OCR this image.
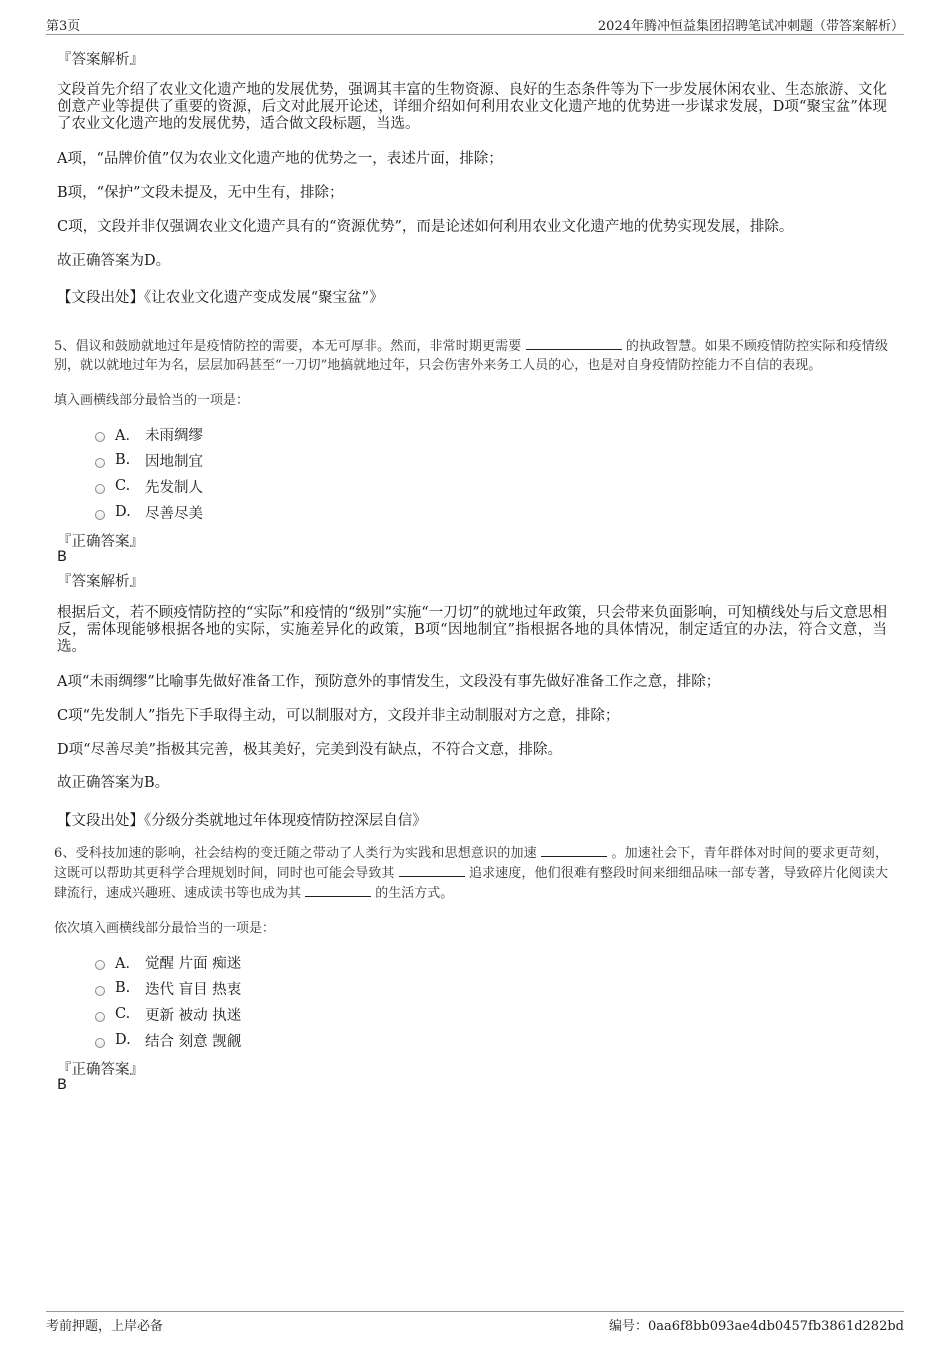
第3页	2024年腾冲恒益集团招聘笔试冲刺题（带答案解析）
『答案解析』
文段首先介绍了农业文化遗产地的发展优势，强调其丰富的生物资源、良好的生态条件等为下一步发展休闲农业、生态旅游、文化创意产业等提供了重要的资源，后文对此展开论述，详细介绍如何利用农业文化遗产地的优势进一步谋求发展，D项“聚宝盆”体现了农业文化遗产地的发展优势，适合做文段标题，当选。
A项，“品牌价值”仅为农业文化遗产地的优势之一，表述片面，排除；
B项，“保护”文段未提及，无中生有，排除；
C项，文段并非仅强调农业文化遗产具有的“资源优势”，而是论述如何利用农业文化遗产地的优势实现发展，排除。
故正确答案为D。
【文段出处】《让农业文化遗产变成发展“聚宝盆”》
5、倡议和鼓励就地过年是疫情防控的需要，本无可厚非。然而，非常时期更需要	的执政智慧。如果不顾疫情防控实际和疫情级别，就以就地过年为名，层层加码甚至“一刀切”地搞就地过年，只会伤害外来务工人员的心，也是对自身疫情防控能力不自信的表现。
填入画横线部分最恰当的一项是：
A． 未雨绸缪
B.	因地制宜
C.	先发制人
D. 尽善尽美
『正确答案』
B
『答案解析』
根据后文，若不顾疫情防控的“实际”和疫情的“级别”实施“一刀切”的就地过年政策，只会带来负面影响，可知横线处与后文意思相反，需体现能够根据各地的实际，实施差异化的政策，B项“因地制宜”指根据各地的具体情况，制定适宜的办法，符合文意，当选。
A项“未雨绸缪”比喻事先做好准备工作，预防意外的事情发生，文段没有事先做好准备工作之意，排除；
C项“先发制人”指先下手取得主动，可以制服对方，文段并非主动制服对方之意，排除；
D项“尽善尽美”指极其完善，极其美好，完美到没有缺点，不符合文意，排除。
故正确答案为B。
【文段出处】《分级分类就地过年体现疫情防控深层自信》
6、受科技加速的影响，社会结构的变迁随之带动了人类行为实践和思想意识的加速	。加速社会下，青年群体对时间的要求更苛刻，这既可以帮助其更科学合理规划时间，同时也可能会导致其	追求速度，他们很难有整段时间来细细品味一部专著，导致碎片化阅读大肆流行，速成兴趣班、速成读书等也成为其	的生活方式。
依次填入画横线部分最恰当的一项是：
A． 觉醒 片面 痴迷
B.	迭代 盲目 热衷
C.	更新 被动 执迷
D. 结合 刻意 觊觎
『正确答案』
B
考前押题，上岸必备	编号：0aa6f8bb093ae4db0457fb3861d282bd
